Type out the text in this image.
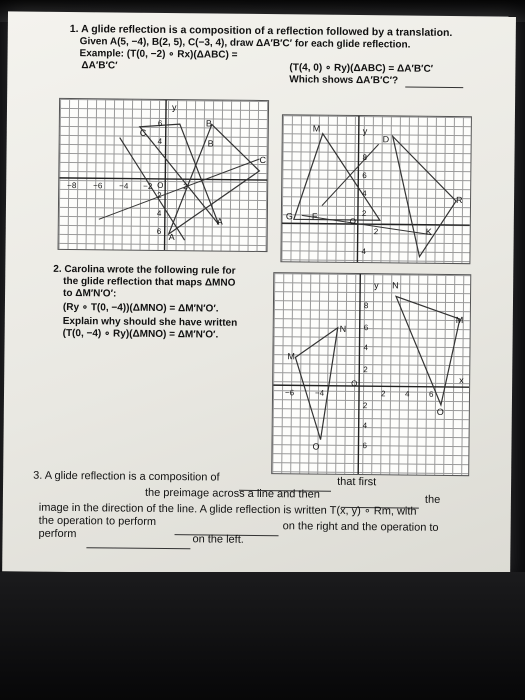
1. A glide reflection is a composition of a reflection followed by a translation.
Given A(5, −4), B(2, 5), C(−3, 4), draw ΔA′B′C′ for each glide reflection.
Example: (T(0, −2) ∘ Rx)(ΔABC) =
ΔA′B′C′	(T(4, 0) ∘ Ry)(ΔABC) = ΔA′B′C′
Which shows ΔA′B′C′?
y
B
B
C
C
A
A
O
−8 −6 −4 −2	2
6
4
2
4
6
M
D
y
G F
R
K
O
8
6
4
2
4
2
2. Carolina wrote the following rule for
the glide reflection that maps ΔMNO
to ΔM′N′O′:
(Ry ∘ T(0, −4))(ΔMNO) = ΔM′N′O′.
Explain why should she have written
(T(0, −4) ∘ Ry)(ΔMNO) = ΔM′N′O′.
y N
N
M
M
O
O
O	x
−6	−4	2 4 6
8
6
4
2
2
4
6
3. A glide reflection is a composition of	that first
the preimage across a line and then	the
image in the direction of the line. A glide reflection is written T(x, y) ∘ Rm, with
the operation to perform	on the right and the operation to
perform	on the left.
